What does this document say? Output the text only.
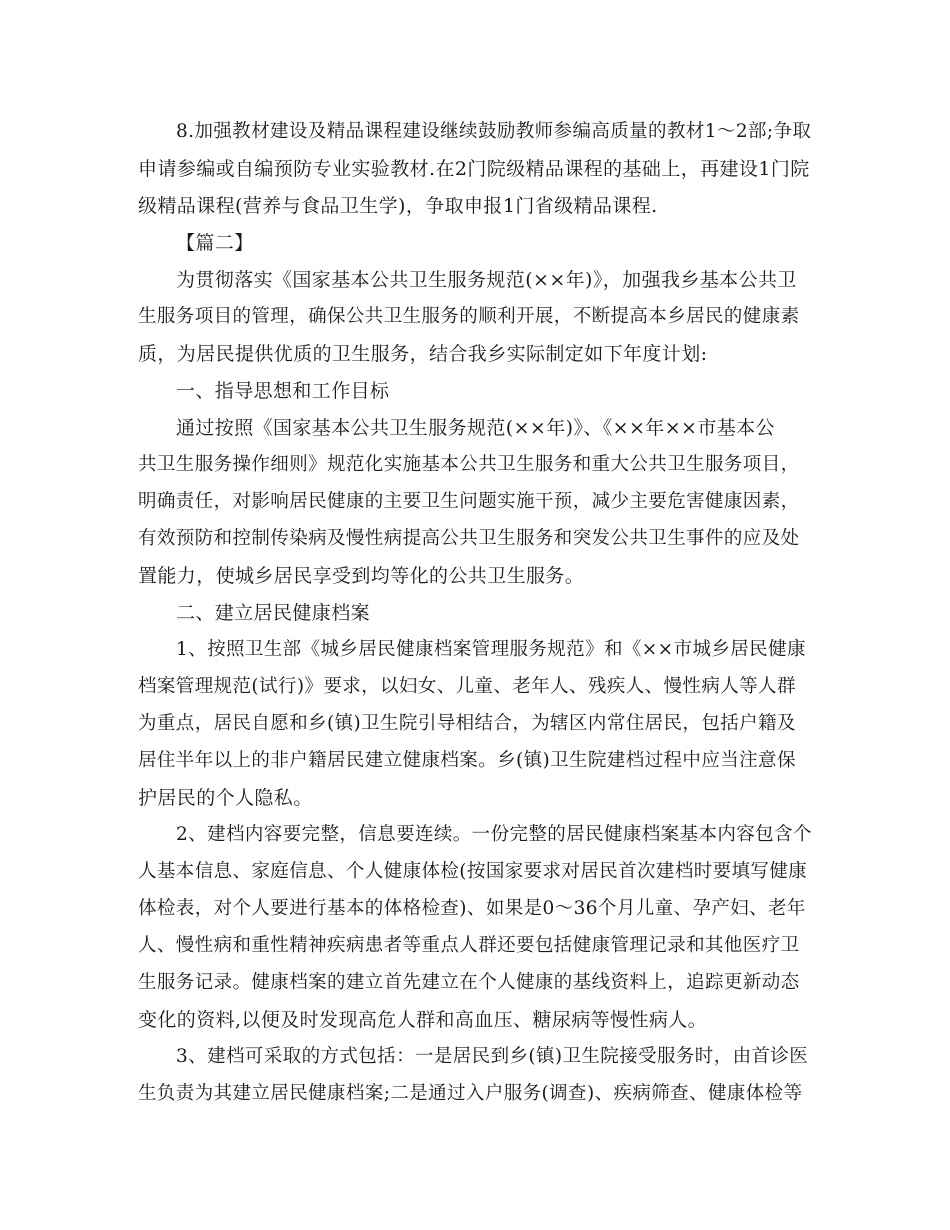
8.加强教材建设及精品课程建设继续鼓励教师参编高质量的教材1～2部;争取
申请参编或自编预防专业实验教材.在2门院级精品课程的基础上，再建设1门院
级精品课程(营养与食品卫生学)，争取申报1门省级精品课程.
【篇二】
为贯彻落实《国家基本公共卫生服务规范(××年)》，加强我乡基本公共卫
生服务项目的管理，确保公共卫生服务的顺利开展，不断提高本乡居民的健康素
质，为居民提供优质的卫生服务，结合我乡实际制定如下年度计划:
一、指导思想和工作目标
通过按照《国家基本公共卫生服务规范(××年)》、《××年××市基本公
共卫生服务操作细则》规范化实施基本公共卫生服务和重大公共卫生服务项目，
明确责任，对影响居民健康的主要卫生问题实施干预，减少主要危害健康因素，
有效预防和控制传染病及慢性病提高公共卫生服务和突发公共卫生事件的应及处
置能力，使城乡居民享受到均等化的公共卫生服务。
二、建立居民健康档案
1、按照卫生部《城乡居民健康档案管理服务规范》和《××市城乡居民健康
档案管理规范(试行)》要求，以妇女、儿童、老年人、残疾人、慢性病人等人群
为重点，居民自愿和乡(镇)卫生院引导相结合，为辖区内常住居民，包括户籍及
居住半年以上的非户籍居民建立健康档案。乡(镇)卫生院建档过程中应当注意保
护居民的个人隐私。
2、建档内容要完整，信息要连续。一份完整的居民健康档案基本内容包含个
人基本信息、家庭信息、个人健康体检(按国家要求对居民首次建档时要填写健康
体检表，对个人要进行基本的体格检查)、如果是0～36个月儿童、孕产妇、老年
人、慢性病和重性精神疾病患者等重点人群还要包括健康管理记录和其他医疗卫
生服务记录。健康档案的建立首先建立在个人健康的基线资料上，追踪更新动态
变化的资料,以便及时发现高危人群和高血压、糖尿病等慢性病人。
3、建档可采取的方式包括：一是居民到乡(镇)卫生院接受服务时，由首诊医
生负责为其建立居民健康档案;二是通过入户服务(调查)、疾病筛查、健康体检等
